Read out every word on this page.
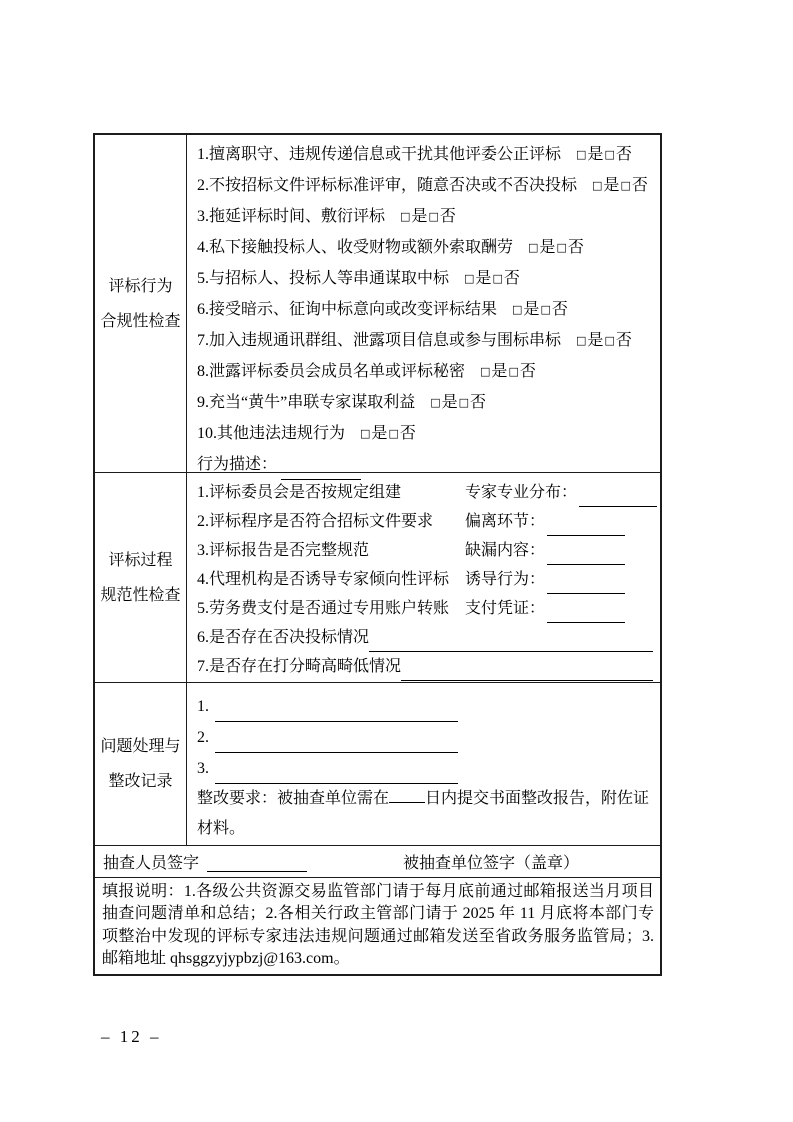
评标行为
合规性检查
1.擅离职守、违规传递信息或干扰其他评委公正评标 □是□否
2.不按招标文件评标标准评审，随意否决或不否决投标 □是□否
3.拖延评标时间、敷衍评标 □是□否
4.私下接触投标人、收受财物或额外索取酬劳 □是□否
5.与招标人、投标人等串通谋取中标 □是□否
6.接受暗示、征询中标意向或改变评标结果 □是□否
7.加入违规通讯群组、泄露项目信息或参与围标串标 □是□否
8.泄露评标委员会成员名单或评标秘密 □是□否
9.充当“黄牛”串联专家谋取利益 □是□否
10.其他违法违规行为 □是□否
行为描述：
评标过程
规范性检查
1.评标委员会是否按规定组建	专家专业分布：
2.评标程序是否符合招标文件要求	偏离环节：
3.评标报告是否完整规范	缺漏内容：
4.代理机构是否诱导专家倾向性评标 诱导行为：
5.劳务费支付是否通过专用账户转账 支付凭证：
6.是否存在否决投标情况
7.是否存在打分畸高畸低情况
问题处理与
整改记录
1.
2.
3.
整改要求：被抽查单位需在 日内提交书面整改报告，附佐证材料。
抽查人员签字	被抽查单位签字（盖章）
填报说明：1.各级公共资源交易监管部门请于每月底前通过邮箱报送当月项目抽查问题清单和总结；2.各相关行政主管部门请于 2025 年 11 月底将本部门专项整治中发现的评标专家违法违规问题通过邮箱发送至省政务服务监管局；3.邮箱地址 qhsggzyjypbzj@163.com。
– 12 –
